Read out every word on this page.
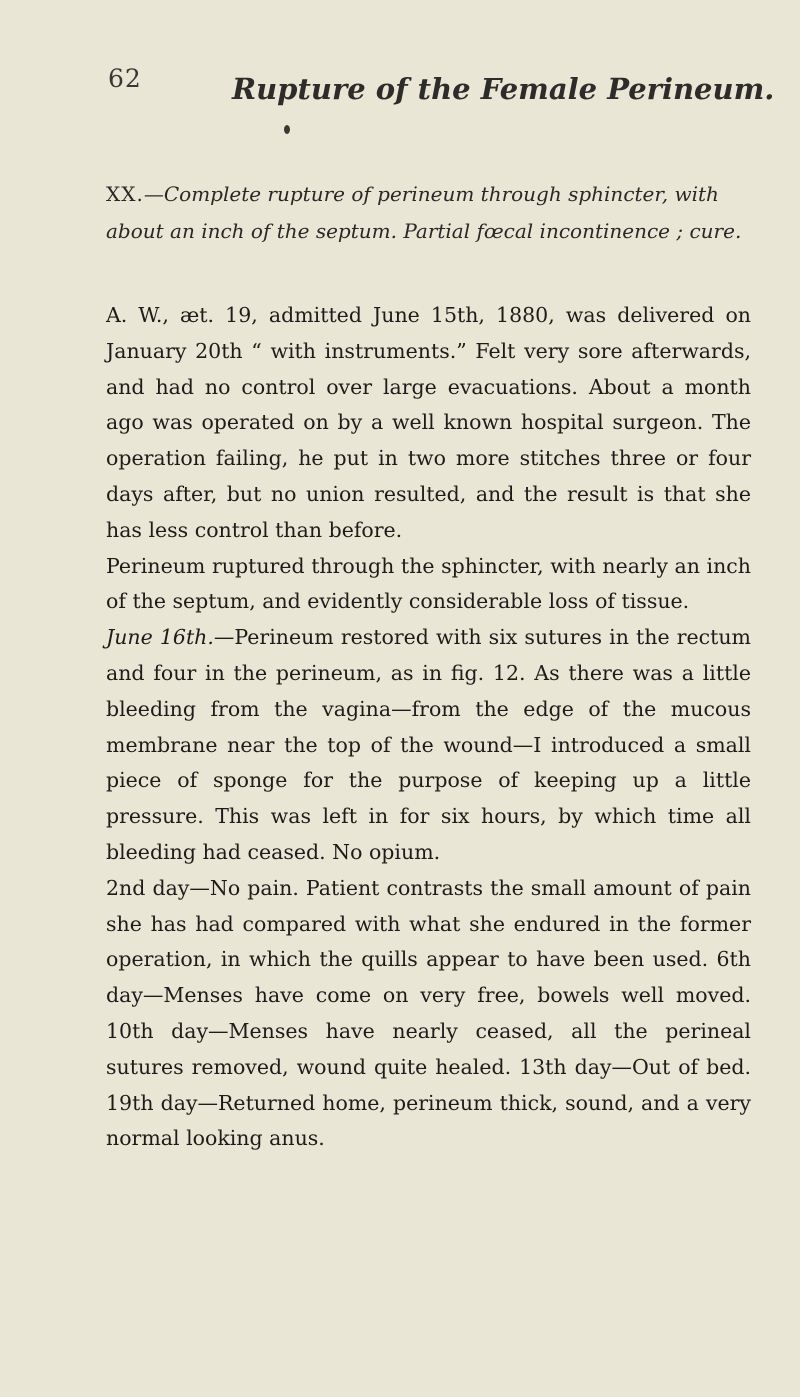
62	Rupture of the Female Perineum.
XX.—Complete rupture of perineum through sphincter, with about an inch of the septum. Partial fœcal incontinence ; cure.

A. W., æt. 19, admitted June 15th, 1880, was delivered on January 20th “ with instruments.” Felt very sore afterwards, and had no control over large evacuations. About a month ago was operated on by a well known hospital surgeon. The operation failing, he put in two more stitches three or four days after, but no union resulted, and the result is that she has less control than before.

Perineum ruptured through the sphincter, with nearly an inch of the septum, and evidently considerable loss of tissue.

June 16th.—Perineum restored with six sutures in the rectum and four in the perineum, as in fig. 12. As there was a little bleeding from the vagina—from the edge of the mucous membrane near the top of the wound—I introduced a small piece of sponge for the purpose of keeping up a little pressure. This was left in for six hours, by which time all bleeding had ceased. No opium.

2nd day—No pain. Patient contrasts the small amount of pain she has had compared with what she endured in the former operation, in which the quills appear to have been used. 6th day—Menses have come on very free, bowels well moved. 10th day—Menses have nearly ceased, all the perineal sutures removed, wound quite healed. 13th day—Out of bed. 19th day—Returned home, perineum thick, sound, and a very normal looking anus.
